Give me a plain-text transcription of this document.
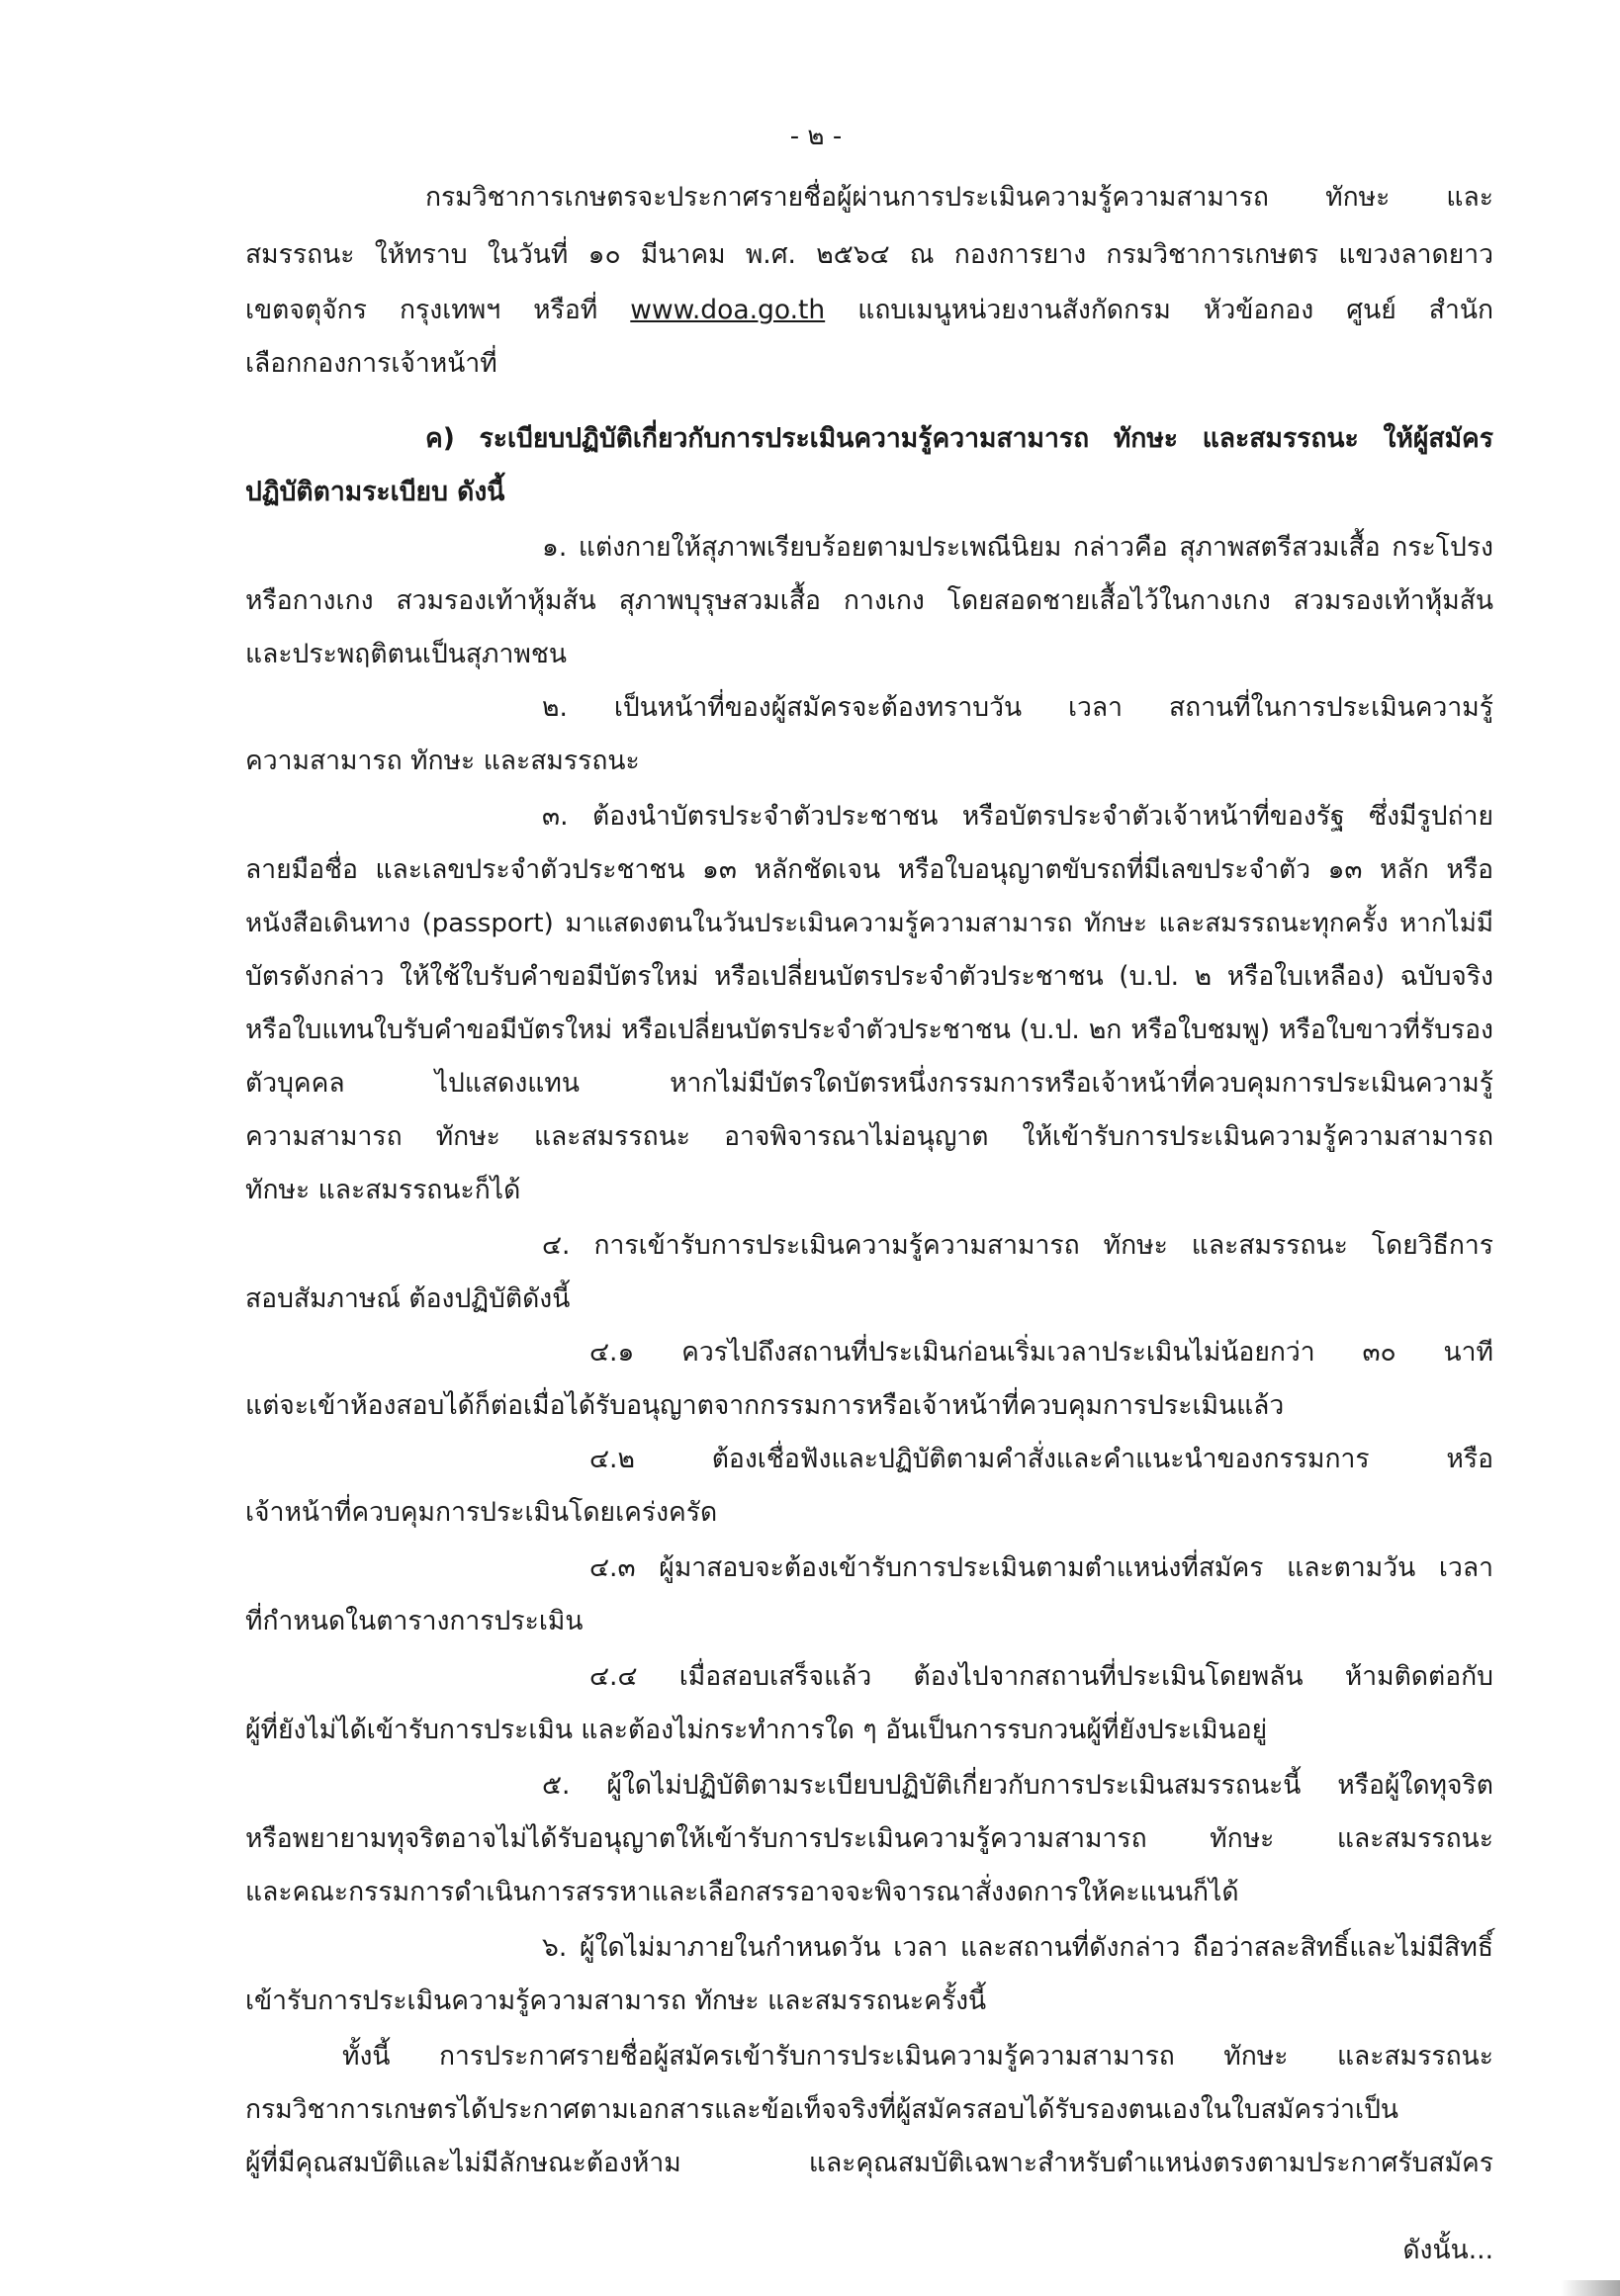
- ๒ -
กรมวิชาการเกษตรจะประกาศรายชื่อผู้ผ่านการประเมินความรู้ความสามารถ ทักษะ และ
สมรรถนะ ให้ทราบ ในวันที่ ๑๐ มีนาคม พ.ศ. ๒๕๖๔ ณ กองการยาง กรมวิชาการเกษตร แขวงลาดยาว
เขตจตุจักร กรุงเทพฯ หรือที่ www.doa.go.th แถบเมนูหน่วยงานสังกัดกรม หัวข้อกอง ศูนย์ สำนัก
เลือกกองการเจ้าหน้าที่
ค) ระเบียบปฏิบัติเกี่ยวกับการประเมินความรู้ความสามารถ ทักษะ และสมรรถนะ ให้ผู้สมัคร
ปฏิบัติตามระเบียบ ดังนี้
๑. แต่งกายให้สุภาพเรียบร้อยตามประเพณีนิยม กล่าวคือ สุภาพสตรีสวมเสื้อ กระโปรง
หรือกางเกง สวมรองเท้าหุ้มส้น สุภาพบุรุษสวมเสื้อ กางเกง โดยสอดชายเสื้อไว้ในกางเกง สวมรองเท้าหุ้มส้น
และประพฤติตนเป็นสุภาพชน
๒. เป็นหน้าที่ของผู้สมัครจะต้องทราบวัน เวลา สถานที่ในการประเมินความรู้
ความสามารถ ทักษะ และสมรรถนะ
๓. ต้องนำบัตรประจำตัวประชาชน หรือบัตรประจำตัวเจ้าหน้าที่ของรัฐ ซึ่งมีรูปถ่าย
ลายมือชื่อ และเลขประจำตัวประชาชน ๑๓ หลักชัดเจน หรือใบอนุญาตขับรถที่มีเลขประจำตัว ๑๓ หลัก หรือ
หนังสือเดินทาง (passport) มาแสดงตนในวันประเมินความรู้ความสามารถ ทักษะ และสมรรถนะทุกครั้ง หากไม่มี
บัตรดังกล่าว ให้ใช้ใบรับคำขอมีบัตรใหม่ หรือเปลี่ยนบัตรประจำตัวประชาชน (บ.ป. ๒ หรือใบเหลือง) ฉบับจริง
หรือใบแทนใบรับคำขอมีบัตรใหม่ หรือเปลี่ยนบัตรประจำตัวประชาชน (บ.ป. ๒ก หรือใบชมพู) หรือใบขาวที่รับรอง
ตัวบุคคล ไปแสดงแทน หากไม่มีบัตรใดบัตรหนึ่งกรรมการหรือเจ้าหน้าที่ควบคุมการประเมินความรู้
ความสามารถ ทักษะ และสมรรถนะ อาจพิจารณาไม่อนุญาต ให้เข้ารับการประเมินความรู้ความสามารถ
ทักษะ และสมรรถนะก็ได้
๔. การเข้ารับการประเมินความรู้ความสามารถ ทักษะ และสมรรถนะ โดยวิธีการ
สอบสัมภาษณ์ ต้องปฏิบัติดังนี้
๔.๑ ควรไปถึงสถานที่ประเมินก่อนเริ่มเวลาประเมินไม่น้อยกว่า ๓๐ นาที
แต่จะเข้าห้องสอบได้ก็ต่อเมื่อได้รับอนุญาตจากกรรมการหรือเจ้าหน้าที่ควบคุมการประเมินแล้ว
๔.๒ ต้องเชื่อฟังและปฏิบัติตามคำสั่งและคำแนะนำของกรรมการ หรือ
เจ้าหน้าที่ควบคุมการประเมินโดยเคร่งครัด
๔.๓ ผู้มาสอบจะต้องเข้ารับการประเมินตามตำแหน่งที่สมัคร และตามวัน เวลา
ที่กำหนดในตารางการประเมิน
๔.๔ เมื่อสอบเสร็จแล้ว ต้องไปจากสถานที่ประเมินโดยพลัน ห้ามติดต่อกับ
ผู้ที่ยังไม่ได้เข้ารับการประเมิน และต้องไม่กระทำการใด ๆ อันเป็นการรบกวนผู้ที่ยังประเมินอยู่
๕. ผู้ใดไม่ปฏิบัติตามระเบียบปฏิบัติเกี่ยวกับการประเมินสมรรถนะนี้ หรือผู้ใดทุจริต
หรือพยายามทุจริตอาจไม่ได้รับอนุญาตให้เข้ารับการประเมินความรู้ความสามารถ ทักษะ และสมรรถนะ
และคณะกรรมการดำเนินการสรรหาและเลือกสรรอาจจะพิจารณาสั่งงดการให้คะแนนก็ได้
๖. ผู้ใดไม่มาภายในกำหนดวัน เวลา และสถานที่ดังกล่าว ถือว่าสละสิทธิ์และไม่มีสิทธิ์
เข้ารับการประเมินความรู้ความสามารถ ทักษะ และสมรรถนะครั้งนี้
ทั้งนี้ การประกาศรายชื่อผู้สมัครเข้ารับการประเมินความรู้ความสามารถ ทักษะ และสมรรถนะ
กรมวิชาการเกษตรได้ประกาศตามเอกสารและข้อเท็จจริงที่ผู้สมัครสอบได้รับรองตนเองในใบสมัครว่าเป็น
ผู้ที่มีคุณสมบัติและไม่มีลักษณะต้องห้าม และคุณสมบัติเฉพาะสำหรับตำแหน่งตรงตามประกาศรับสมัคร
ดังนั้น...
